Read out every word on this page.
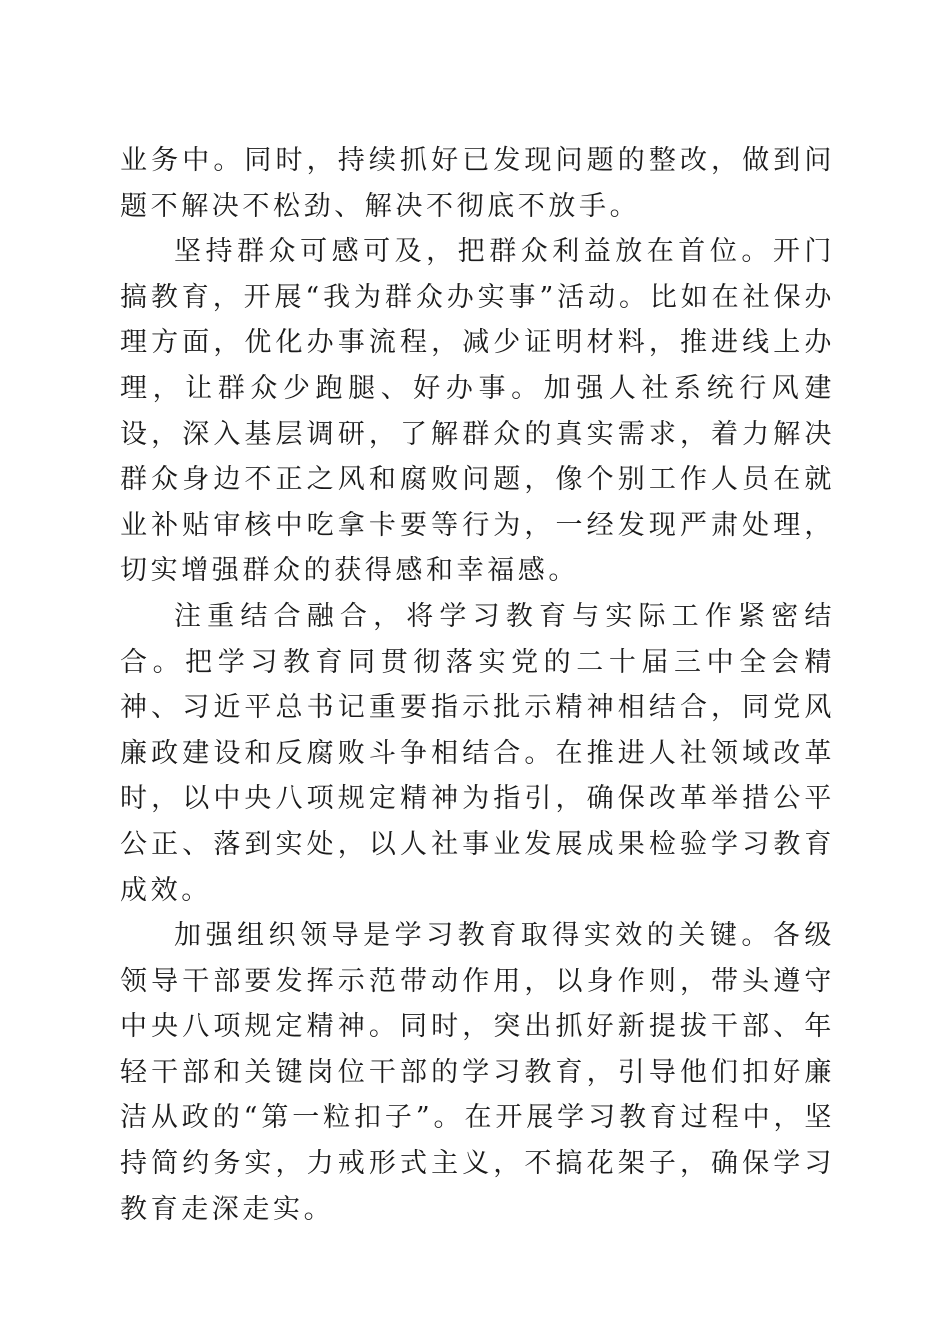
业务中。同时，持续抓好已发现问题的整改，做到问题不解决不松劲、解决不彻底不放手。

坚持群众可感可及，把群众利益放在首位。开门搞教育，开展“我为群众办实事”活动。比如在社保办理方面，优化办事流程，减少证明材料，推进线上办理，让群众少跑腿、好办事。加强人社系统行风建设，深入基层调研，了解群众的真实需求，着力解决群众身边不正之风和腐败问题，像个别工作人员在就业补贴审核中吃拿卡要等行为，一经发现严肃处理，切实增强群众的获得感和幸福感。

注重结合融合，将学习教育与实际工作紧密结合。把学习教育同贯彻落实党的二十届三中全会精神、习近平总书记重要指示批示精神相结合，同党风廉政建设和反腐败斗争相结合。在推进人社领域改革时，以中央八项规定精神为指引，确保改革举措公平公正、落到实处，以人社事业发展成果检验学习教育成效。

加强组织领导是学习教育取得实效的关键。各级领导干部要发挥示范带动作用，以身作则，带头遵守中央八项规定精神。同时，突出抓好新提拔干部、年轻干部和关键岗位干部的学习教育，引导他们扣好廉洁从政的“第一粒扣子”。在开展学习教育过程中，坚持简约务实，力戒形式主义，不搞花架子，确保学习教育走深走实。
